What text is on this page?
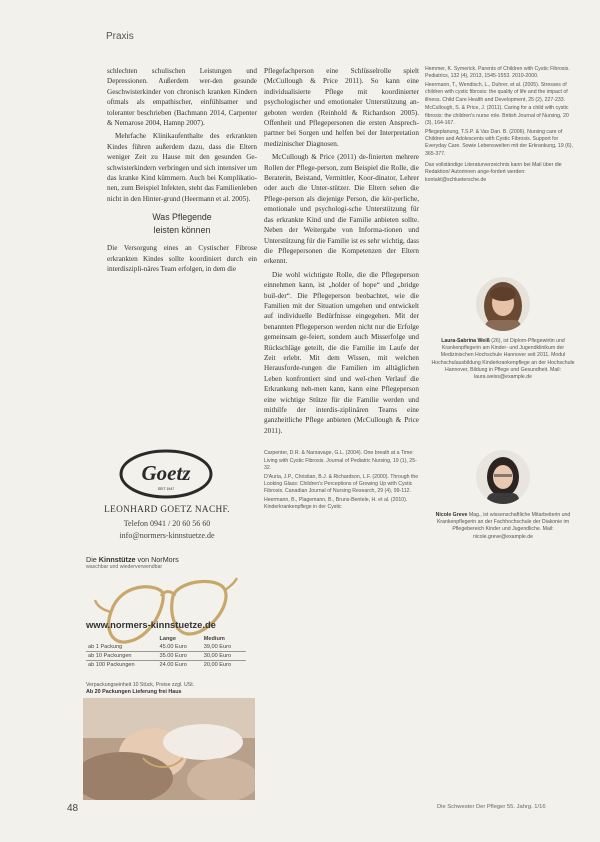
Praxis

schlechten schulischen Leistungen und Depressionen. Außerdem wer-den gesunde Geschwisterkinder von chronisch kranken Kindern oftmals als empathischer, einfühlsamer und toleranter beschrieben (Bachmann 2014, Carpenter & Nemarose 2004, Hamnp 2007).

Mehrfache Klinikaufenthalte des erkrankten Kindes führen außerdem dazu, dass die Eltern weniger Zeit zu Hause mit den gesunden Ge-schwisterkindern verbringen und sich intensiver um das kranke Kind kümmern. Auch bei Komplikatio-nen, zum Beispiel Infekten, steht das Familienleben nicht in den Hinter-grund (Heermann et al. 2005).

Was Pflegende
leisten können

Die Versorgung eines an Cystischer Fibrose erkrankten Kindes sollte koordiniert durch ein interdiszipli-näres Team erfolgen, in dem die

Pflegefachperson eine Schlüsselrolle spielt (McCullough & Price 2011). So kann eine individualisierte Pflege mit koordinierter psychologischer und emotionaler Unterstützung an-geboten werden (Reinhold & Richardson 2005). Offenheit und Pflegepersonen die ersten Ansprech-partner bei Sorgen und helfen bei der Interpretation medizinischer Diagnosen.

McCullough & Price (2011) de-finierten mehrere Rollen der Pflege-person, zum Beispiel die Rolle, die Beraterin, Beistand, Vermittler, Koor-dinator, Lehrer oder auch die Unter-stützer. Die Eltern sehen die Pflege-person als diejenige Person, die kör-perliche, emotionale und psychologi-sche Unterstützung für das erkrankte Kind und die Familie anbieten sollte. Neben der Weitergabe von Informa-tionen und Unterstützung für die Familie ist es sehr wichtig, dass die Pflegepersonen die Kompetenzen der Eltern erkennt.

Die wohl wichtigste Rolle, die die Pflegeperson einnehmen kann, ist „holder of hope“ und „bridge buil-der“. Die Pflegeperson beobachtet, wie die Familien mit der Situation umgehen und entwickelt auf individuelle Bedürfnisse eingegehen. Mit der benannten Pflegeperson werden nicht nur die Erfolge gemeinsam ge-feiert, sondern auch Misserfolge und Rückschläge geteilt, die die Familie im Laufe der Zeit erlebt. Mit dem Wissen, mit welchen Herausforde-rungen die Familien im alltäglichen Leben konfrontiert sind und wel-chen Verlauf die Erkrankung neh-men kann, kann eine Pflegeperson eine wichtige Stütze für die Familie werden und mithilfe der interdis-ziplinären Teams eine ganzheitliche Pflege anbieten (McCullough & Price 2011).

Carpenter, D.R. & Narsavage, G.L. (2004). One breath at a Time: Living with Cystic Fibrosis. Journal of Pediatric Nursing, 19 (1), 25-32.
D'Auria, J.P., Christian, B.J. & Richardson, L.F. (2000). Through the Looking Glass: Children's Perceptions of Growing Up with Cystic Fibrosis. Canadian Journal of Nursing Research, 29 (4), 99-112.
Heermann, B., Plagemann, B., Bruns-Bentele, H. et al. (2010). Kinderkrankenpflege in der Cystic
Hemmer, K. Symerick. Parents of Children with Cystic Fibrosis. Pediatrics, 132 (4), 2013, 1545-1553. 2010-2000.
Heermann, T., Wendisch, L., Duhrer, et al. (2005). Stresses of children with cystic fibrosis: the quality of life and the impact of illness. Child Care Health and Development, 25 (2), 227-233.
McCullough, S. & Price, J. (2011). Caring for a child with cystic fibrosis: the children's nurse role. British Journal of Nursing, 20 (3), 164-167.
Pflegeplanung, T.S.P. & Vas Dan. B. (2006). Nursing care of Children and Adolescents with Cystic Fibrosis. Support for Everyday Care. Sowie Lebenswelten mit der Erkrankung, 19 (6), 365-377.
Das vollständige Literaturverzeichnis kann bei Mail über die Redaktion/ Autorinnen ange-fordert werden: kontakt@schluetersche.de
Laura-Sabrina Weiß (26), ist Diplom-Pflegewirtin und Krankenpflegerin am Kinder- und Jugendklinikum der Medizinischen Hochschule Hannover seit 2011. Modul Hochschulausbildung Kinderkrankenpflege an der Hochschule Hannover, Bildung in Pflege und Gesundheit. Mail: laura.weiss@example.de
Nicole Greve Mag., ist wissenschaftliche Mitarbeiterin und Krankenpflegerin an der Fachhochschule der Diakonie im Pflegebereich Kinder und Jugendliche. Mail: nicole.greve@example.de
Goetz
SEIT 1947
LEONHARD GOETZ NACHF.
Telefon 0941 / 20 60 56 60
info@normers-kinnstuetze.de
Die Kinnstütze von NorMors
waschbar und wiederverwendbar
www.normers-kinnstuetze.de
	Lange	Medium
ab 1 Packung	45.00 Euro	39,00 Euro
ab 10 Packungen	35.00 Euro	30,00 Euro
ab 100 Packungen	24.00 Euro	20,00 Euro
Verpackungseinheit 10 Stück, Preise zzgl. USt.
Ab 20 Packungen Lieferung frei Haus
48	Die Schwester Der Pfleger 55. Jahrg. 1/16
